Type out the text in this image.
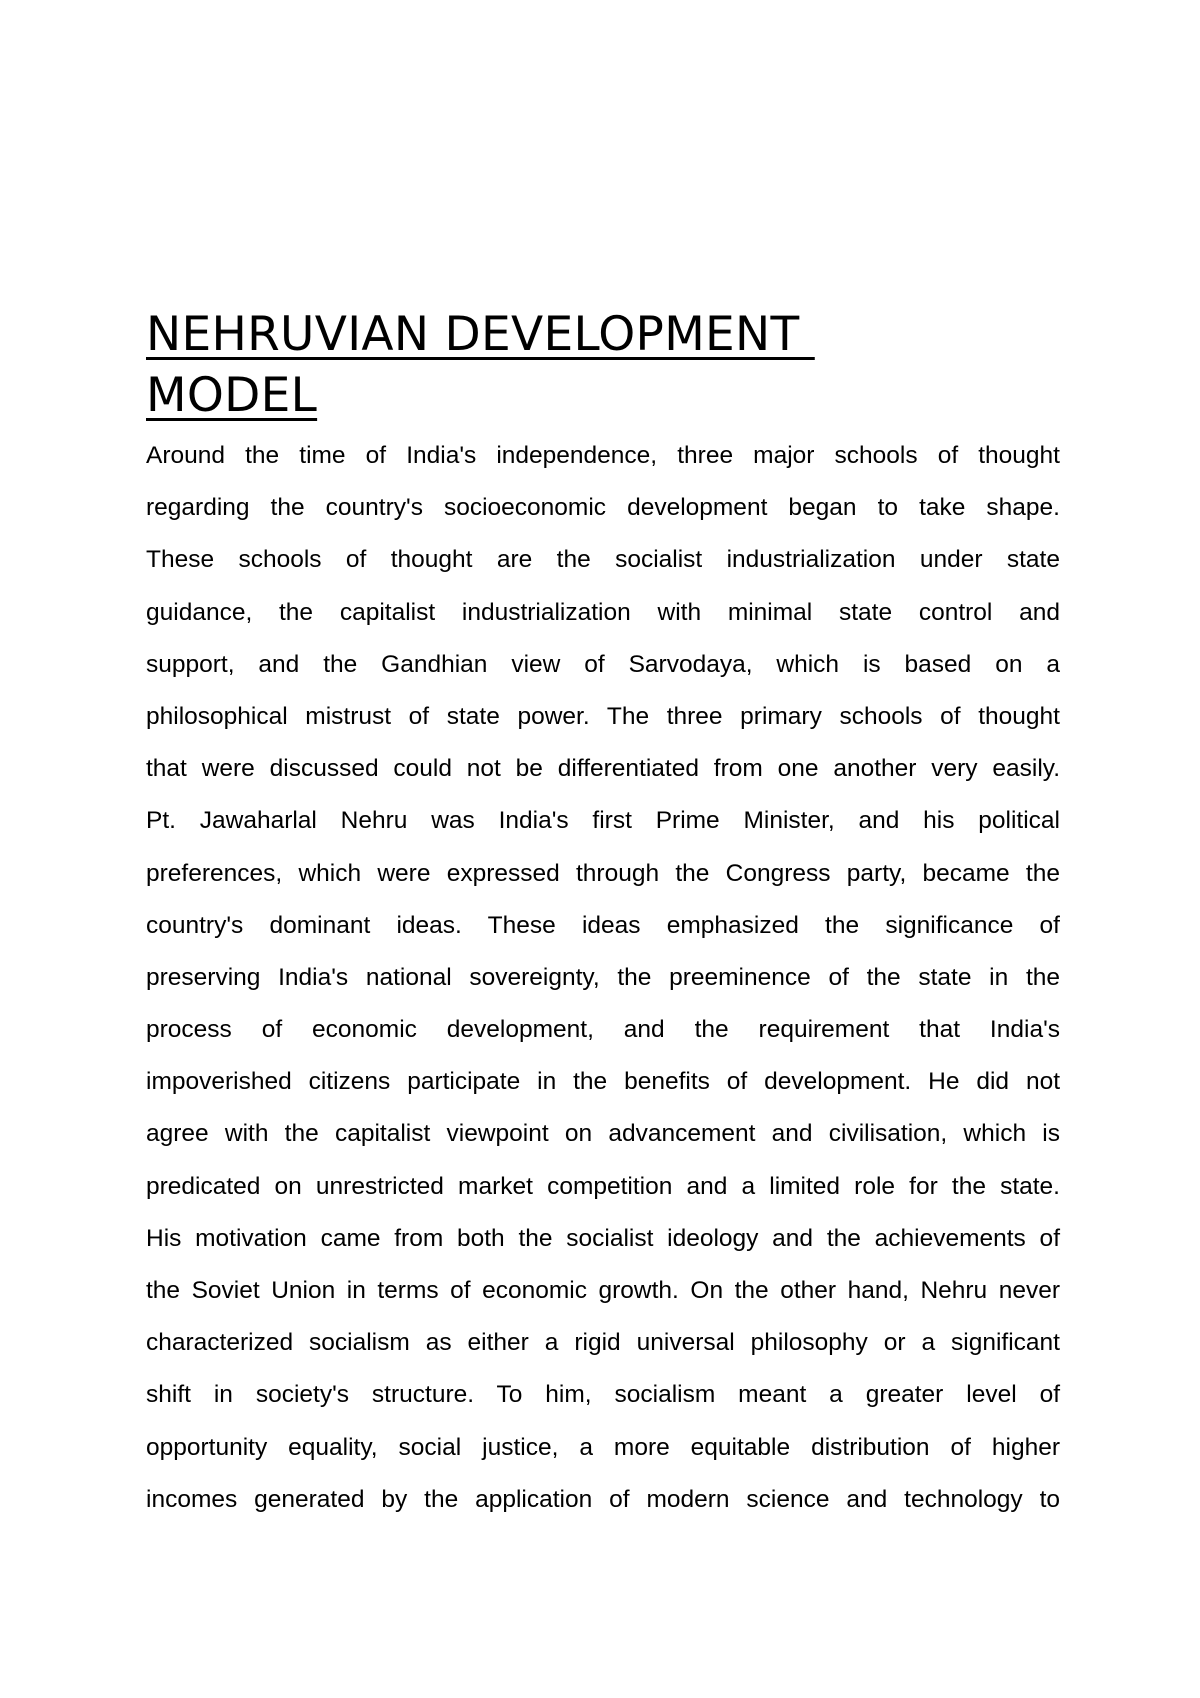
NEHRUVIAN DEVELOPMENT
MODEL
Around the time of India's independence, three major schools of thought
regarding the country's socioeconomic development began to take shape.
These schools of thought are the socialist industrialization under state
guidance, the capitalist industrialization with minimal state control and
support, and the Gandhian view of Sarvodaya, which is based on a
philosophical mistrust of state power. The three primary schools of thought
that were discussed could not be differentiated from one another very easily.
Pt. Jawaharlal Nehru was India's first Prime Minister, and his political
preferences, which were expressed through the Congress party, became the
country's dominant ideas. These ideas emphasized the significance of
preserving India's national sovereignty, the preeminence of the state in the
process of economic development, and the requirement that India's
impoverished citizens participate in the benefits of development. He did not
agree with the capitalist viewpoint on advancement and civilisation, which is
predicated on unrestricted market competition and a limited role for the state.
His motivation came from both the socialist ideology and the achievements of
the Soviet Union in terms of economic growth. On the other hand, Nehru never
characterized socialism as either a rigid universal philosophy or a significant
shift in society's structure. To him, socialism meant a greater level of
opportunity equality, social justice, a more equitable distribution of higher
incomes generated by the application of modern science and technology to
